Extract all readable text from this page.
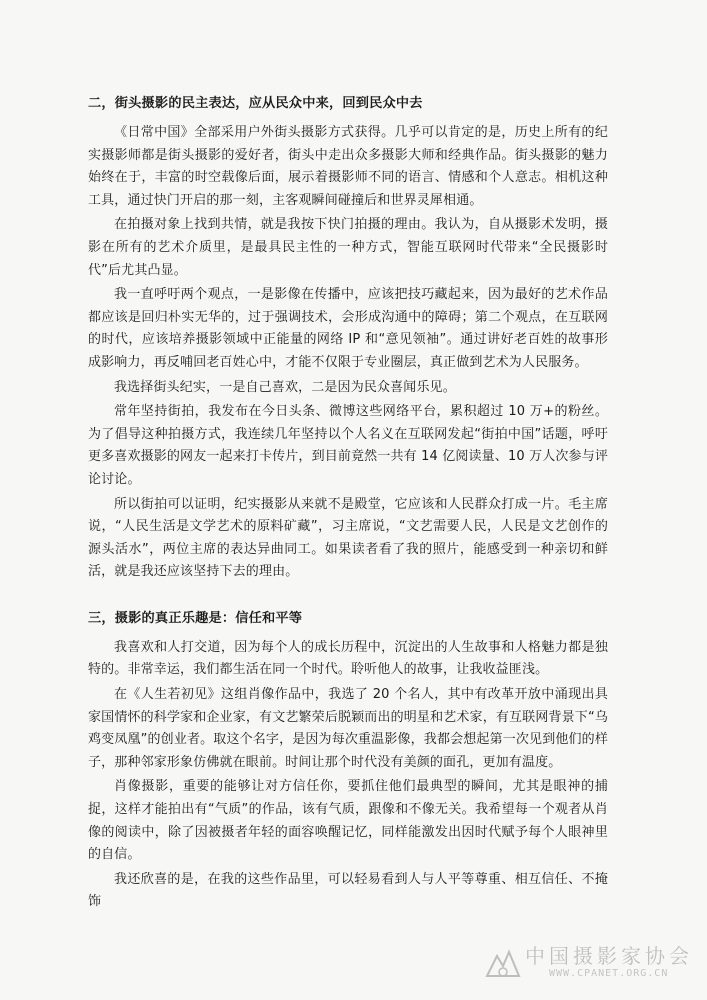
二，街头摄影的民主表达，应从民众中来，回到民众中去

《日常中国》全部采用户外街头摄影方式获得。几乎可以肯定的是，历史上所有的纪实摄影师都是街头摄影的爱好者，街头中走出众多摄影大师和经典作品。街头摄影的魅力始终在于，丰富的时空载像后面，展示着摄影师不同的语言、情感和个人意志。相机这种工具，通过快门开启的那一刻，主客观瞬间碰撞后和世界灵犀相通。

在拍摄对象上找到共情，就是我按下快门拍摄的理由。我认为，自从摄影术发明，摄影在所有的艺术介质里，是最具民主性的一种方式，智能互联网时代带来“全民摄影时代”后尤其凸显。

我一直呼吁两个观点，一是影像在传播中，应该把技巧藏起来，因为最好的艺术作品都应该是回归朴实无华的，过于强调技术，会形成沟通中的障碍；第二个观点，在互联网的时代，应该培养摄影领域中正能量的网络 IP 和“意见领袖”。通过讲好老百姓的故事形成影响力，再反哺回老百姓心中，才能不仅限于专业圈层，真正做到艺术为人民服务。

我选择街头纪实，一是自己喜欢，二是因为民众喜闻乐见。

常年坚持街拍，我发布在今日头条、微博这些网络平台，累积超过 10 万+的粉丝。为了倡导这种拍摄方式，我连续几年坚持以个人名义在互联网发起“街拍中国”话题，呼吁更多喜欢摄影的网友一起来打卡传片，到目前竟然一共有 14 亿阅读量、10 万人次参与评论讨论。

所以街拍可以证明，纪实摄影从来就不是殿堂，它应该和人民群众打成一片。毛主席说，“人民生活是文学艺术的原料矿藏”，习主席说，“文艺需要人民，人民是文艺创作的源头活水”，两位主席的表达异曲同工。如果读者看了我的照片，能感受到一种亲切和鲜活，就是我还应该坚持下去的理由。

三，摄影的真正乐趣是：信任和平等

我喜欢和人打交道，因为每个人的成长历程中，沉淀出的人生故事和人格魅力都是独特的。非常幸运，我们都生活在同一个时代。聆听他人的故事，让我收益匪浅。

在《人生若初见》这组肖像作品中，我选了 20 个名人，其中有改革开放中涌现出具家国情怀的科学家和企业家，有文艺繁荣后脱颖而出的明星和艺术家，有互联网背景下“乌鸡变凤凰”的创业者。取这个名字，是因为每次重温影像，我都会想起第一次见到他们的样子，那种邻家形象仿佛就在眼前。时间让那个时代没有美颜的面孔，更加有温度。

肖像摄影，重要的能够让对方信任你，要抓住他们最典型的瞬间，尤其是眼神的捕捉，这样才能拍出有“气质”的作品，该有气质，跟像和不像无关。我希望每一个观者从肖像的阅读中，除了因被摄者年轻的面容唤醒记忆，同样能激发出因时代赋予每个人眼神里的自信。

我还欣喜的是，在我的这些作品里，可以轻易看到人与人平等尊重、相互信任、不掩饰

中国摄影家协会
WWW.CPANET.ORG.CN
